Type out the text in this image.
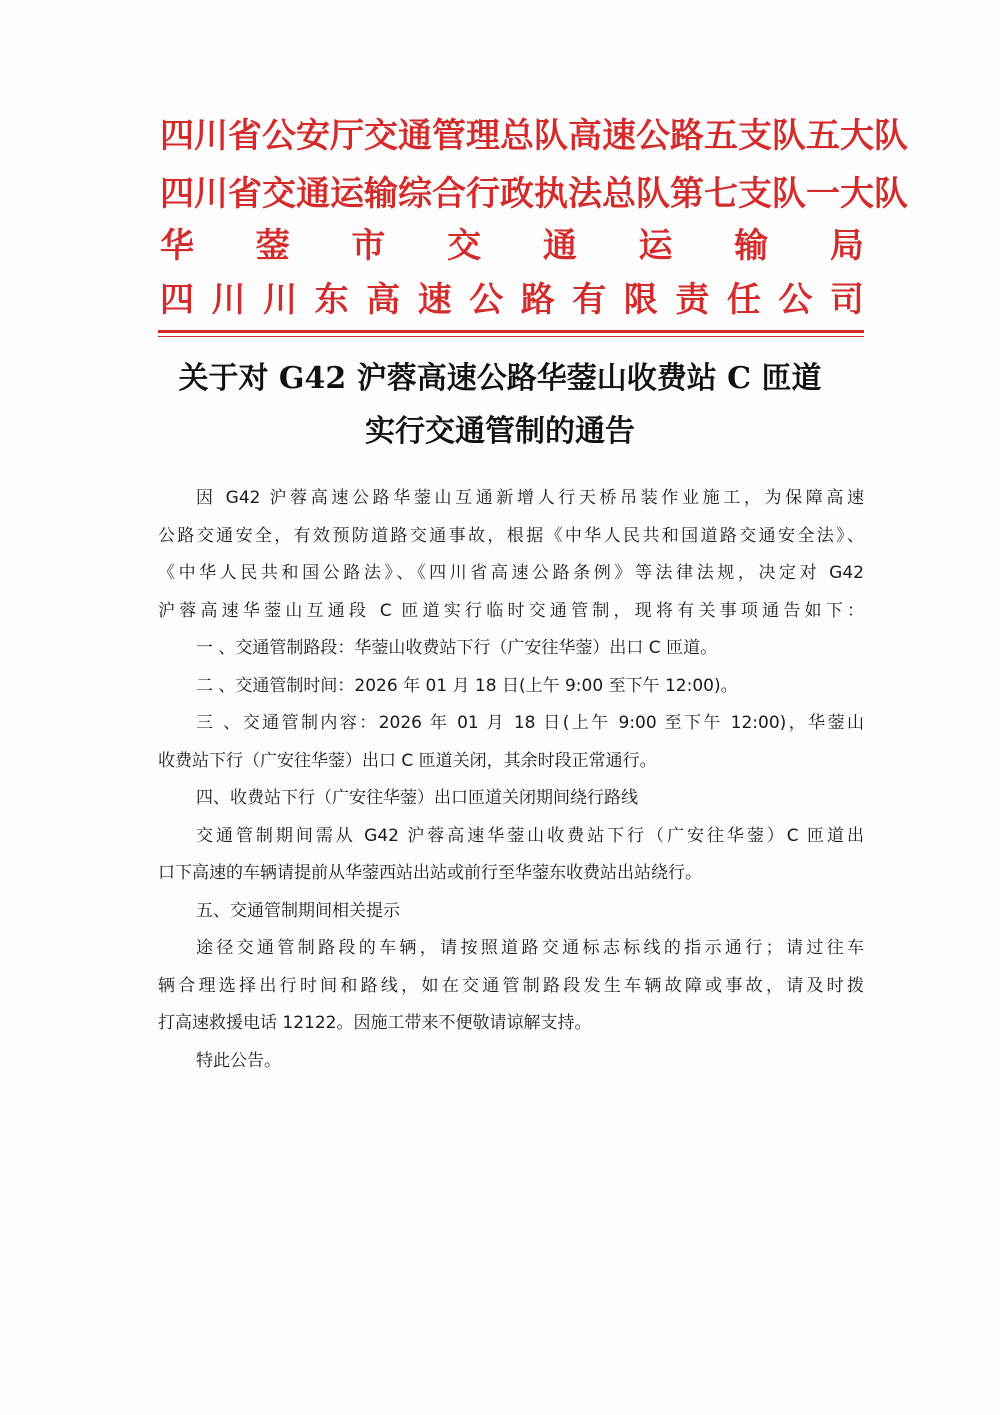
四 川 省 公 安 厅 交 通 管 理 总 队 高 速 公 路 五 支 队 五 大 队
四 川 省 交 通 运 输 综 合 行 政 执 法 总 队 第 七 支 队 一 大 队
华 蓥 市 交 通 运 输 局
四 川 川 东 高 速 公 路 有 限 责 任 公 司
关于对 G42 沪蓉高速公路华蓥山收费站 C 匝道
实行交通管制的通告
因 G42 沪蓉高速公路华蓥山互通新增人行天桥吊装作业施工，为保障高速
公路交通安全，有效预防道路交通事故，根据《中华人民共和国道路交通安全法》、
《中华人民共和国公路法》、《四川省高速公路条例》等法律法规，决定对 G42
沪蓉高速华蓥山互通段 C 匝道实行临时交通管制，现将有关事项通告如下：
一 、交通管制路段：华蓥山收费站下行（广安往华蓥）出口 C 匝道。
二 、交通管制时间：2026 年 01 月 18 日(上午 9:00 至下午 12:00)。
三 、交通管制内容：2026 年 01 月 18 日(上午 9:00 至下午 12:00)，华蓥山
收费站下行（广安往华蓥）出口 C 匝道关闭，其余时段正常通行。
四、收费站下行（广安往华蓥）出口匝道关闭期间绕行路线
交通管制期间需从 G42 沪蓉高速华蓥山收费站下行（广安往华蓥）C 匝道出
口下高速的车辆请提前从华蓥西站出站或前行至华蓥东收费站出站绕行。
五、交通管制期间相关提示
途径交通管制路段的车辆，请按照道路交通标志标线的指示通行；请过往车
辆合理选择出行时间和路线，如在交通管制路段发生车辆故障或事故，请及时拨
打高速救援电话 12122。因施工带来不便敬请谅解支持。
特此公告。
